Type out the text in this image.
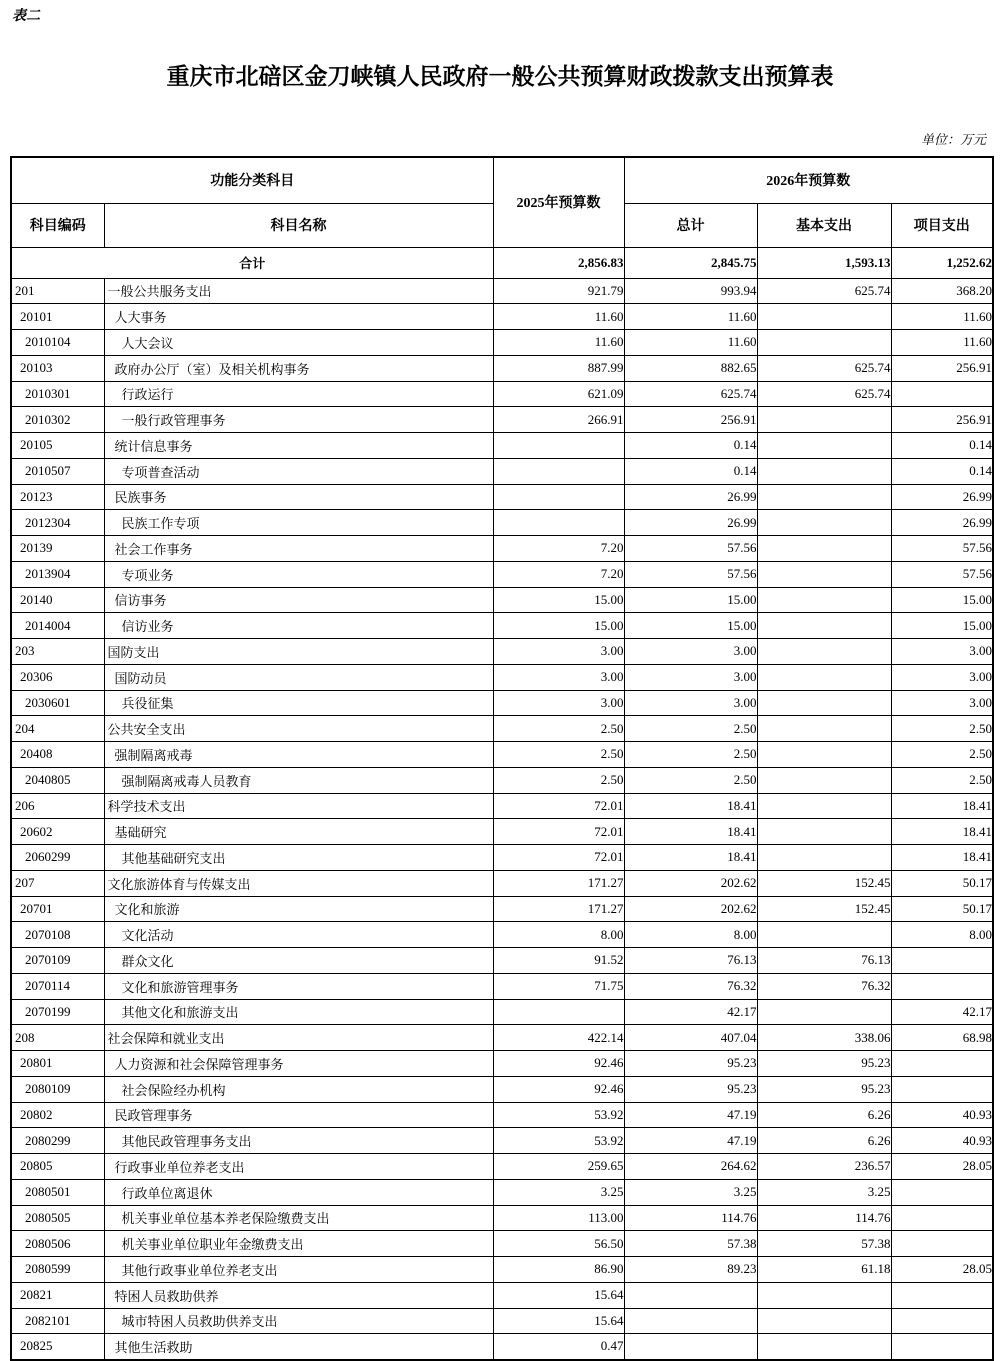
表二
重庆市北碚区金刀峡镇人民政府一般公共预算财政拨款支出预算表
单位：万元
功能分类科目		2025年预算数	2026年预算数		
科目编码	科目名称		总计	基本支出	项目支出
合计		2,856.83	2,845.75	1,593.13	1,252.62
201	一般公共服务支出	921.79	993.94	625.74	368.20
20101	人大事务	11.60	11.60		11.60
2010104	人大会议	11.60	11.60		11.60
20103	政府办公厅（室）及相关机构事务	887.99	882.65	625.74	256.91
2010301	行政运行	621.09	625.74	625.74	
2010302	一般行政管理事务	266.91	256.91		256.91
20105	统计信息事务		0.14		0.14
2010507	专项普查活动		0.14		0.14
20123	民族事务		26.99		26.99
2012304	民族工作专项		26.99		26.99
20139	社会工作事务	7.20	57.56		57.56
2013904	专项业务	7.20	57.56		57.56
20140	信访事务	15.00	15.00		15.00
2014004	信访业务	15.00	15.00		15.00
203	国防支出	3.00	3.00		3.00
20306	国防动员	3.00	3.00		3.00
2030601	兵役征集	3.00	3.00		3.00
204	公共安全支出	2.50	2.50		2.50
20408	强制隔离戒毒	2.50	2.50		2.50
2040805	强制隔离戒毒人员教育	2.50	2.50		2.50
206	科学技术支出	72.01	18.41		18.41
20602	基础研究	72.01	18.41		18.41
2060299	其他基础研究支出	72.01	18.41		18.41
207	文化旅游体育与传媒支出	171.27	202.62	152.45	50.17
20701	文化和旅游	171.27	202.62	152.45	50.17
2070108	文化活动	8.00	8.00		8.00
2070109	群众文化	91.52	76.13	76.13	
2070114	文化和旅游管理事务	71.75	76.32	76.32	
2070199	其他文化和旅游支出		42.17		42.17
208	社会保障和就业支出	422.14	407.04	338.06	68.98
20801	人力资源和社会保障管理事务	92.46	95.23	95.23	
2080109	社会保险经办机构	92.46	95.23	95.23	
20802	民政管理事务	53.92	47.19	6.26	40.93
2080299	其他民政管理事务支出	53.92	47.19	6.26	40.93
20805	行政事业单位养老支出	259.65	264.62	236.57	28.05
2080501	行政单位离退休	3.25	3.25	3.25	
2080505	机关事业单位基本养老保险缴费支出	113.00	114.76	114.76	
2080506	机关事业单位职业年金缴费支出	56.50	57.38	57.38	
2080599	其他行政事业单位养老支出	86.90	89.23	61.18	28.05
20821	特困人员救助供养	15.64			
2082101	城市特困人员救助供养支出	15.64			
20825	其他生活救助	0.47			
